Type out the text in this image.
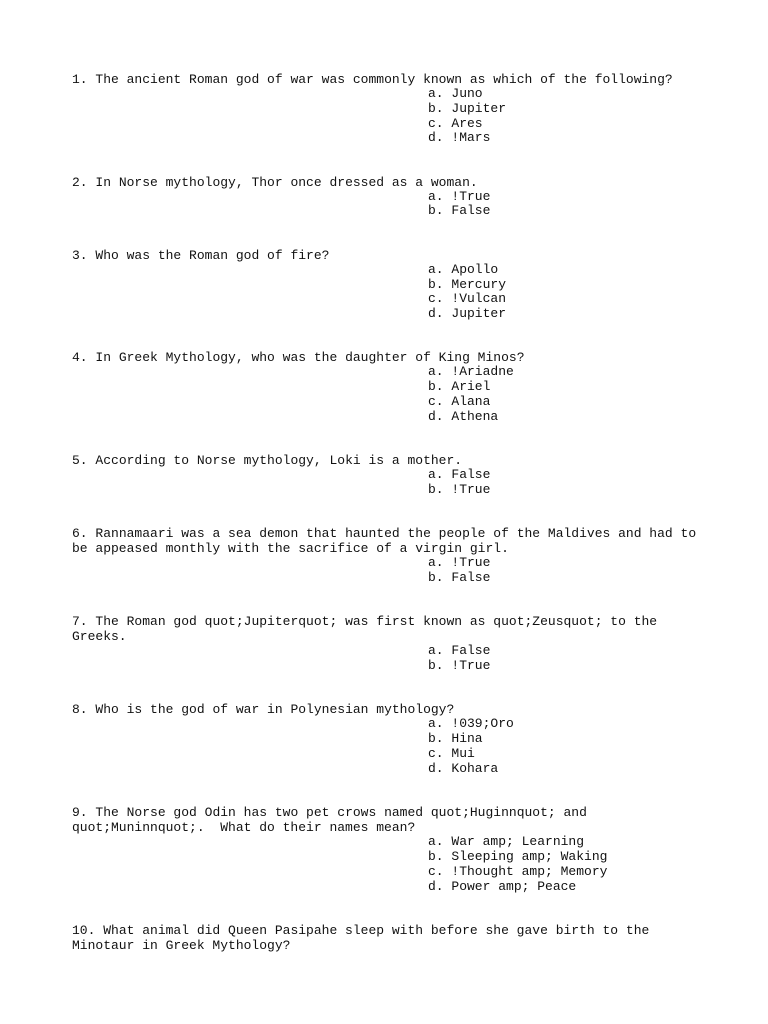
1. The ancient Roman god of war was commonly known as which of the following?

a. Juno
b. Jupiter
c. Ares
d. !Mars

2. In Norse mythology, Thor once dressed as a woman.

a. !True
b. False

3. Who was the Roman god of fire?

a. Apollo
b. Mercury
c. !Vulcan
d. Jupiter

4. In Greek Mythology, who was the daughter of King Minos?

a. !Ariadne
b. Ariel
c. Alana
d. Athena

5. According to Norse mythology, Loki is a mother.

a. False
b. !True

6. Rannamaari was a sea demon that haunted the people of the Maldives and had to be appeased monthly with the sacrifice of a virgin girl.

a. !True
b. False

7. The Roman god quot;Jupiterquot; was first known as quot;Zeusquot; to the Greeks.

a. False
b. !True

8. Who is the god of war in Polynesian mythology?

a. !039;Oro
b. Hina
c. Mui
d. Kohara

9. The Norse god Odin has two pet crows named quot;Huginnquot; and quot;Muninnquot;.  What do their names mean?

a. War amp; Learning
b. Sleeping amp; Waking
c. !Thought amp; Memory
d. Power amp; Peace

10. What animal did Queen Pasipahe sleep with before she gave birth to the Minotaur in Greek Mythology?
